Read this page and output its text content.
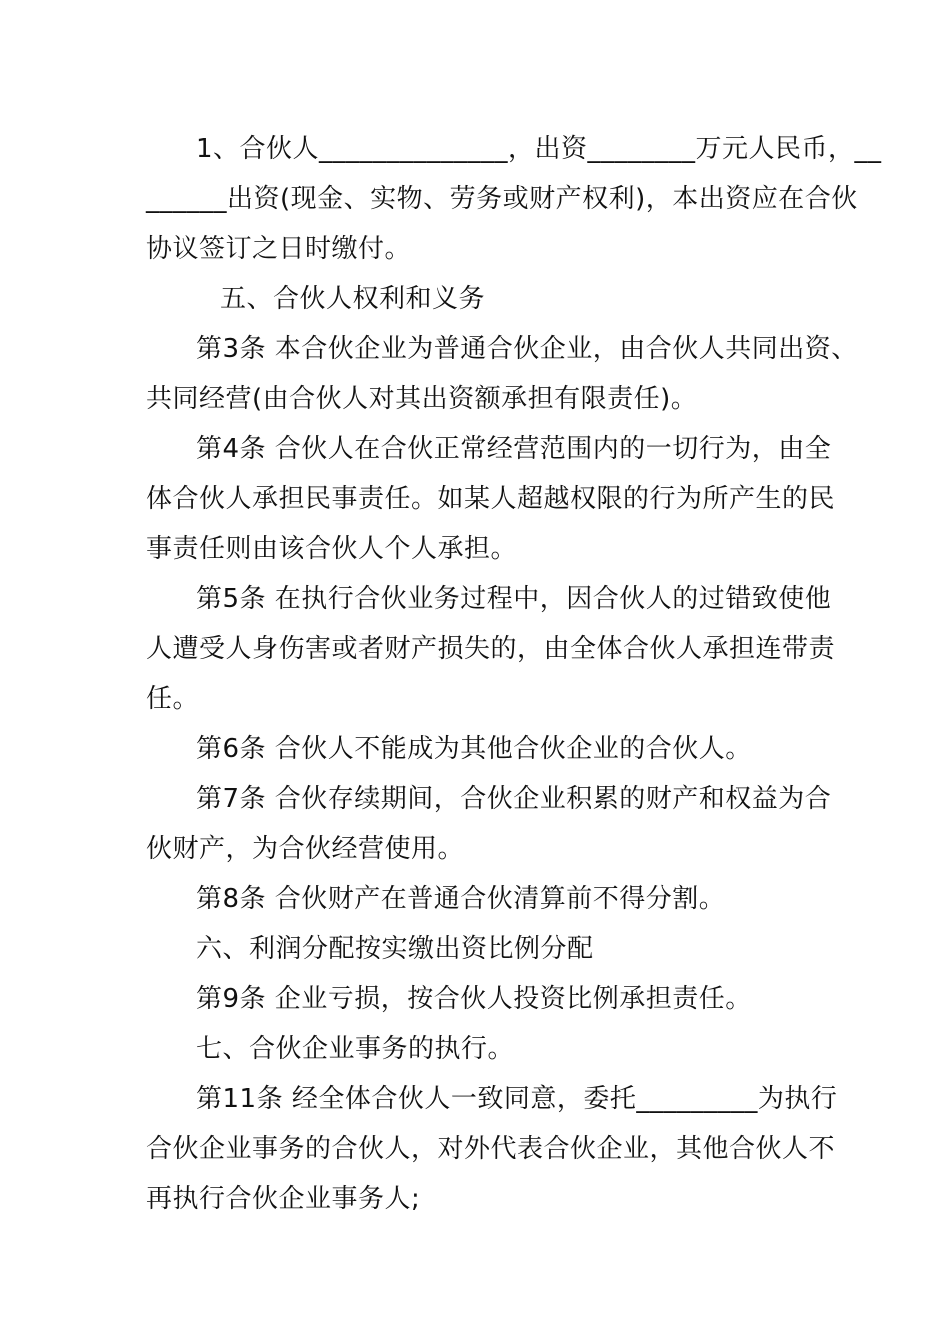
1、合伙人______________，出资________万元人民币，__
______出资(现金、实物、劳务或财产权利)，本出资应在合伙
协议签订之日时缴付。
五、合伙人权利和义务
第3条 本合伙企业为普通合伙企业，由合伙人共同出资、
共同经营(由合伙人对其出资额承担有限责任)。
第4条 合伙人在合伙正常经营范围内的一切行为，由全
体合伙人承担民事责任。如某人超越权限的行为所产生的民
事责任则由该合伙人个人承担。
第5条 在执行合伙业务过程中，因合伙人的过错致使他
人遭受人身伤害或者财产损失的，由全体合伙人承担连带责
任。
第6条 合伙人不能成为其他合伙企业的合伙人。
第7条 合伙存续期间，合伙企业积累的财产和权益为合
伙财产，为合伙经营使用。
第8条 合伙财产在普通合伙清算前不得分割。
六、利润分配按实缴出资比例分配
第9条 企业亏损，按合伙人投资比例承担责任。
七、合伙企业事务的执行。
第11条 经全体合伙人一致同意，委托_________为执行
合伙企业事务的合伙人，对外代表合伙企业，其他合伙人不
再执行合伙企业事务人;
